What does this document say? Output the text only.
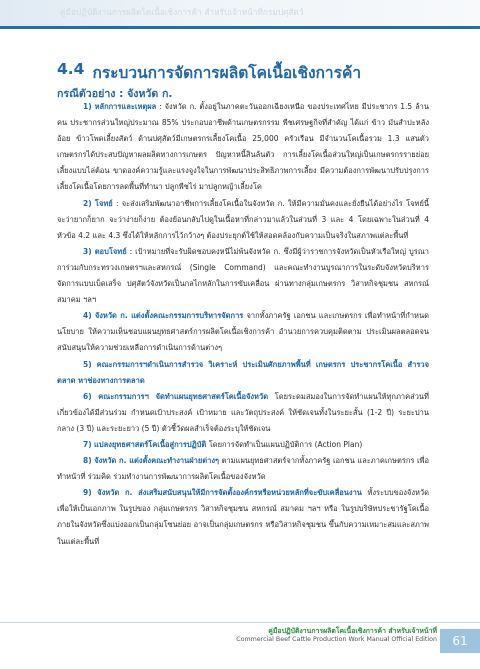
คู่มือปฏิบัติงานการผลิตโคเนื้อเชิงการค้า สำหรับเจ้าหน้าที่กรมปศุสัตว์
4.4 กระบวนการจัดการผลิตโคเนื้อเชิงการค้า
กรณีตัวอย่าง : จังหวัด ก.

1) หลักการและเหตุผล : จังหวัด ก. ตั้งอยู่ในภาคตะวันออกเฉียงเหนือ ของประเทศไทย มีประชากร 1.5 ล้านคน ประชากรส่วนใหญ่ประมาณ 85% ประกอบอาชีพด้านเกษตรกรรม พืชเศรษฐกิจที่สำคัญ ได้แก่ ข้าว มันสำปะหลัง อ้อย ข้าวโพดเลี้ยงสัตว์ ด้านปศุสัตว์มีเกษตรกรเลี้ยงโคเนื้อ 25,000 ครัวเรือน มีจำนวนโคเนื้อรวม 1.3 แสนตัว เกษตรกรได้ประสบปัญหาผลผลิตทางการเกษตร ปัญหาหนี้สินล้นตัว การเลี้ยงโคเนื้อส่วนใหญ่เป็นเกษตรกรรายย่อยเลี้ยงแบบไล่ต้อน ขาดองค์ความรู้และแรงจูงใจในการพัฒนาประสิทธิภาพการเลี้ยง มีความต้องการพัฒนาปรับปรุงการเลี้ยงโคเนื้อโดยการลดพื้นที่ทำนา ปลูกพืชไร่ มาปลูกหญ้าเลี้ยงโค

2) โจทย์ : จะส่งเสริมพัฒนาอาชีพการเลี้ยงโคเนื้อในจังหวัด ก. ให้มีความมั่นคงและยั่งยืนได้อย่างไร โจทย์นี้จะว่ายากก็ยาก จะว่าง่ายก็ง่าย ต้องย้อนกลับไปดูในเนื้อหาที่กล่าวมาแล้วในส่วนที่ 3 และ 4 โดยเฉพาะในส่วนที่ 4 หัวข้อ 4.2 และ 4.3 ซึ่งได้ให้หลักการไว้กว้างๆ ต้องประยุกต์ใช้ให้สอดคล้องกับความเป็นจริงในสภาพแต่ละพื้นที่

3) ตอบโจทย์ : เป้าหมายที่จะรับผิดชอบคงหนีไม่พ้นจังหวัด ก. ซึ่งมีผู้ว่าราชการจังหวัดเป็นหัวเรือใหญ่ บูรณาการ่วมกับกระทรวงเกษตรฯและสหกรณ์ (Single Command) และคณะทำงานบูรณาการในระดับจังหวัดบริหารจัดการแบบเบ็ดเสร็จ ปศุสัตว์จังหวัดเป็นกลไกหลักในการขับเคลื่อน ผ่านทางกลุ่มเกษตรกร วิสาหกิจชุมชน สหกรณ์ สมาคม ฯลฯ

4) จังหวัด ก. แต่งตั้งคณะกรรมการบริหารจัดการ จากทั้งภาครัฐ เอกชน และเกษตรกร เพื่อทำหน้าที่กำหนดนโยบาย ให้ความเห็นชอบแผนยุทธศาสตร์การผลิตโคเนื้อเชิงการค้า อำนวยการควบคุมติดตาม ประเมินผลตลอดจนสนับสนุนให้ความช่วยเหลือการดำเนินการด้านต่างๆ

5) คณะกรรมการฯดำเนินการสำรวจ วิเคราะห์ ประเมินศักยภาพพื้นที่ เกษตรกร ประชากรโคเนื้อ สำรวจตลาด หาช่องทางการตลาด

6) คณะกรรมการฯ จัดทำแผนยุทธศาสตร์โคเนื้อจังหวัด โดยระดมสมองในการจัดทำแผนให้ทุกภาคส่วนที่เกี่ยวข้องได้มีส่วนร่วม กำหนดเป้าประสงค์ เป้าหมาย และวัตถุประสงค์ ให้ชัดเจนทั้งในระยะสั้น (1-2 ปี) ระยะปานกลาง (3 ปี) และระยะยาว (5 ปี) ตัวชี้วัดผลสำเร็จต้องระบุให้ชัดเจน

7) แปลงยุทธศาสตร์โคเนื้อสู่การปฏิบัติ โดยการจัดทำเป็นแผนปฏิบัติการ (Action Plan)

8) จังหวัด ก. แต่งตั้งคณะทำงานฝ่ายต่างๆ ตามแผนยุทธศาสตร์จากทั้งภาครัฐ เอกชน และภาคเกษตรกร เพื่อทำหน้าที่ ร่วมคิด ร่วมทำงานการพัฒนาการผลิตโคเนื้อของจังหวัด

9) จังหวัด ก. ส่งเสริมสนับสนุนให้มีการจัดตั้งองค์กรหรือหน่วยหลักที่จะขับเคลื่อนงาน ทั้งระบบของจังหวัด เพื่อให้เป็นเอกภาพ ในรูปของ กลุ่มเกษตรกร วิสาหกิจชุมชน สหกรณ์ สมาคม ฯลฯ หรือ ในรูปบริษัทประชารัฐโคเนื้อ ภายในจังหวัดซึ่งแบ่งออกเป็นกลุ่มโซนย่อย อาจเป็นกลุ่มเกษตรกร หรือวิสาหกิจชุมชน ขึ้นกับความเหมาะสมและสภาพในแต่ละพื้นที่

คู่มือปฏิบัติงานการผลิตโคเนื้อเชิงการค้า สำหรับเจ้าหน้าที่
Commercial Beef Cattle Production Work Manual Official Edition	61
